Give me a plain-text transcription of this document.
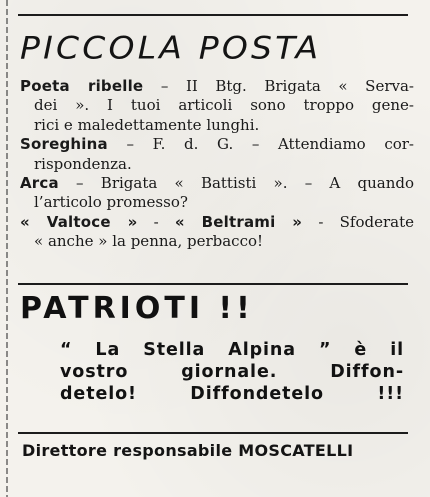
PICCOLA POSTA
Poeta ribelle – II Btg. Brigata « Serva-
dei ». I tuoi articoli sono troppo gene-
rici e maledettamente lunghi.
Soreghina – F. d. G. – Attendiamo cor-
rispondenza.
Arca – Brigata « Battisti ». – A quando
l’articolo promesso?
« Valtoce » - « Beltrami » - Sfoderate
« anche » la penna, perbacco!
PATRIOTI !!
“ La Stella Alpina ” è il
vostro giornale. Diffon-
detelo! Diffondetelo !!!
Direttore responsabile MOSCATELLI
